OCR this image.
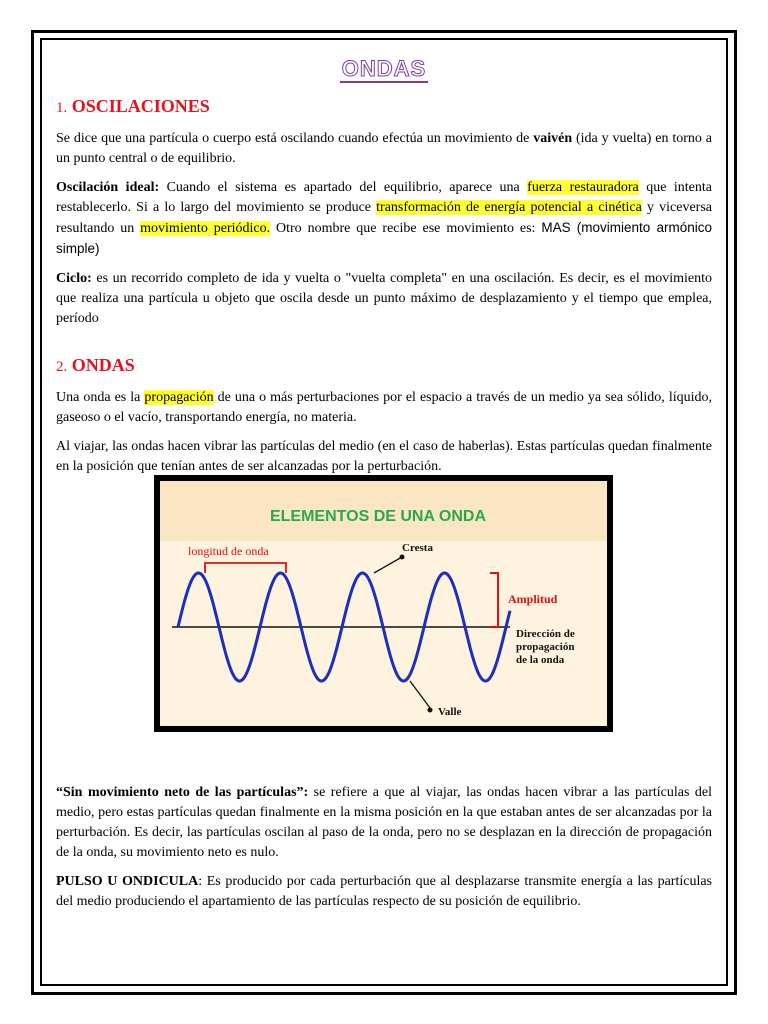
ONDAS
1. OSCILACIONES

Se dice que una partícula o cuerpo está oscilando cuando efectúa un movimiento de vaivén (ida y vuelta) en torno a un punto central o de equilibrio.

Oscilación ideal: Cuando el sistema es apartado del equilibrio, aparece una fuerza restauradora que intenta restablecerlo. Si a lo largo del movimiento se produce transformación de energía potencial a cinética y viceversa resultando un movimiento periódico. Otro nombre que recibe ese movimiento es: MAS (movimiento armónico simple)

Ciclo: es un recorrido completo de ida y vuelta o "vuelta completa" en una oscilación. Es decir, es el movimiento que realiza una partícula u objeto que oscila desde un punto máximo de desplazamiento y el tiempo que emplea, período

2. ONDAS

Una onda es la propagación de una o más perturbaciones por el espacio a través de un medio ya sea sólido, líquido, gaseoso o el vacío, transportando energía, no materia.

Al viajar, las ondas hacen vibrar las partículas del medio (en el caso de haberlas). Estas partículas quedan finalmente en la posición que tenían antes de ser alcanzadas por la perturbación.

“Sin movimiento neto de las partículas”: se refiere a que al viajar, las ondas hacen vibrar a las partículas del medio, pero estas partículas quedan finalmente en la misma posición en la que estaban antes de ser alcanzadas por la perturbación. Es decir, las partículas oscilan al paso de la onda, pero no se desplazan en la dirección de propagación de la onda, su movimiento neto es nulo.

PULSO U ONDICULA: Es producido por cada perturbación que al desplazarse transmite energía a las partículas del medio produciendo el apartamiento de las partículas respecto de su posición de equilibrio.

ELEMENTOS DE UNA ONDA
longitud de onda	Cresta
Amplitud
Dirección de
propagación
de la onda
Valle
